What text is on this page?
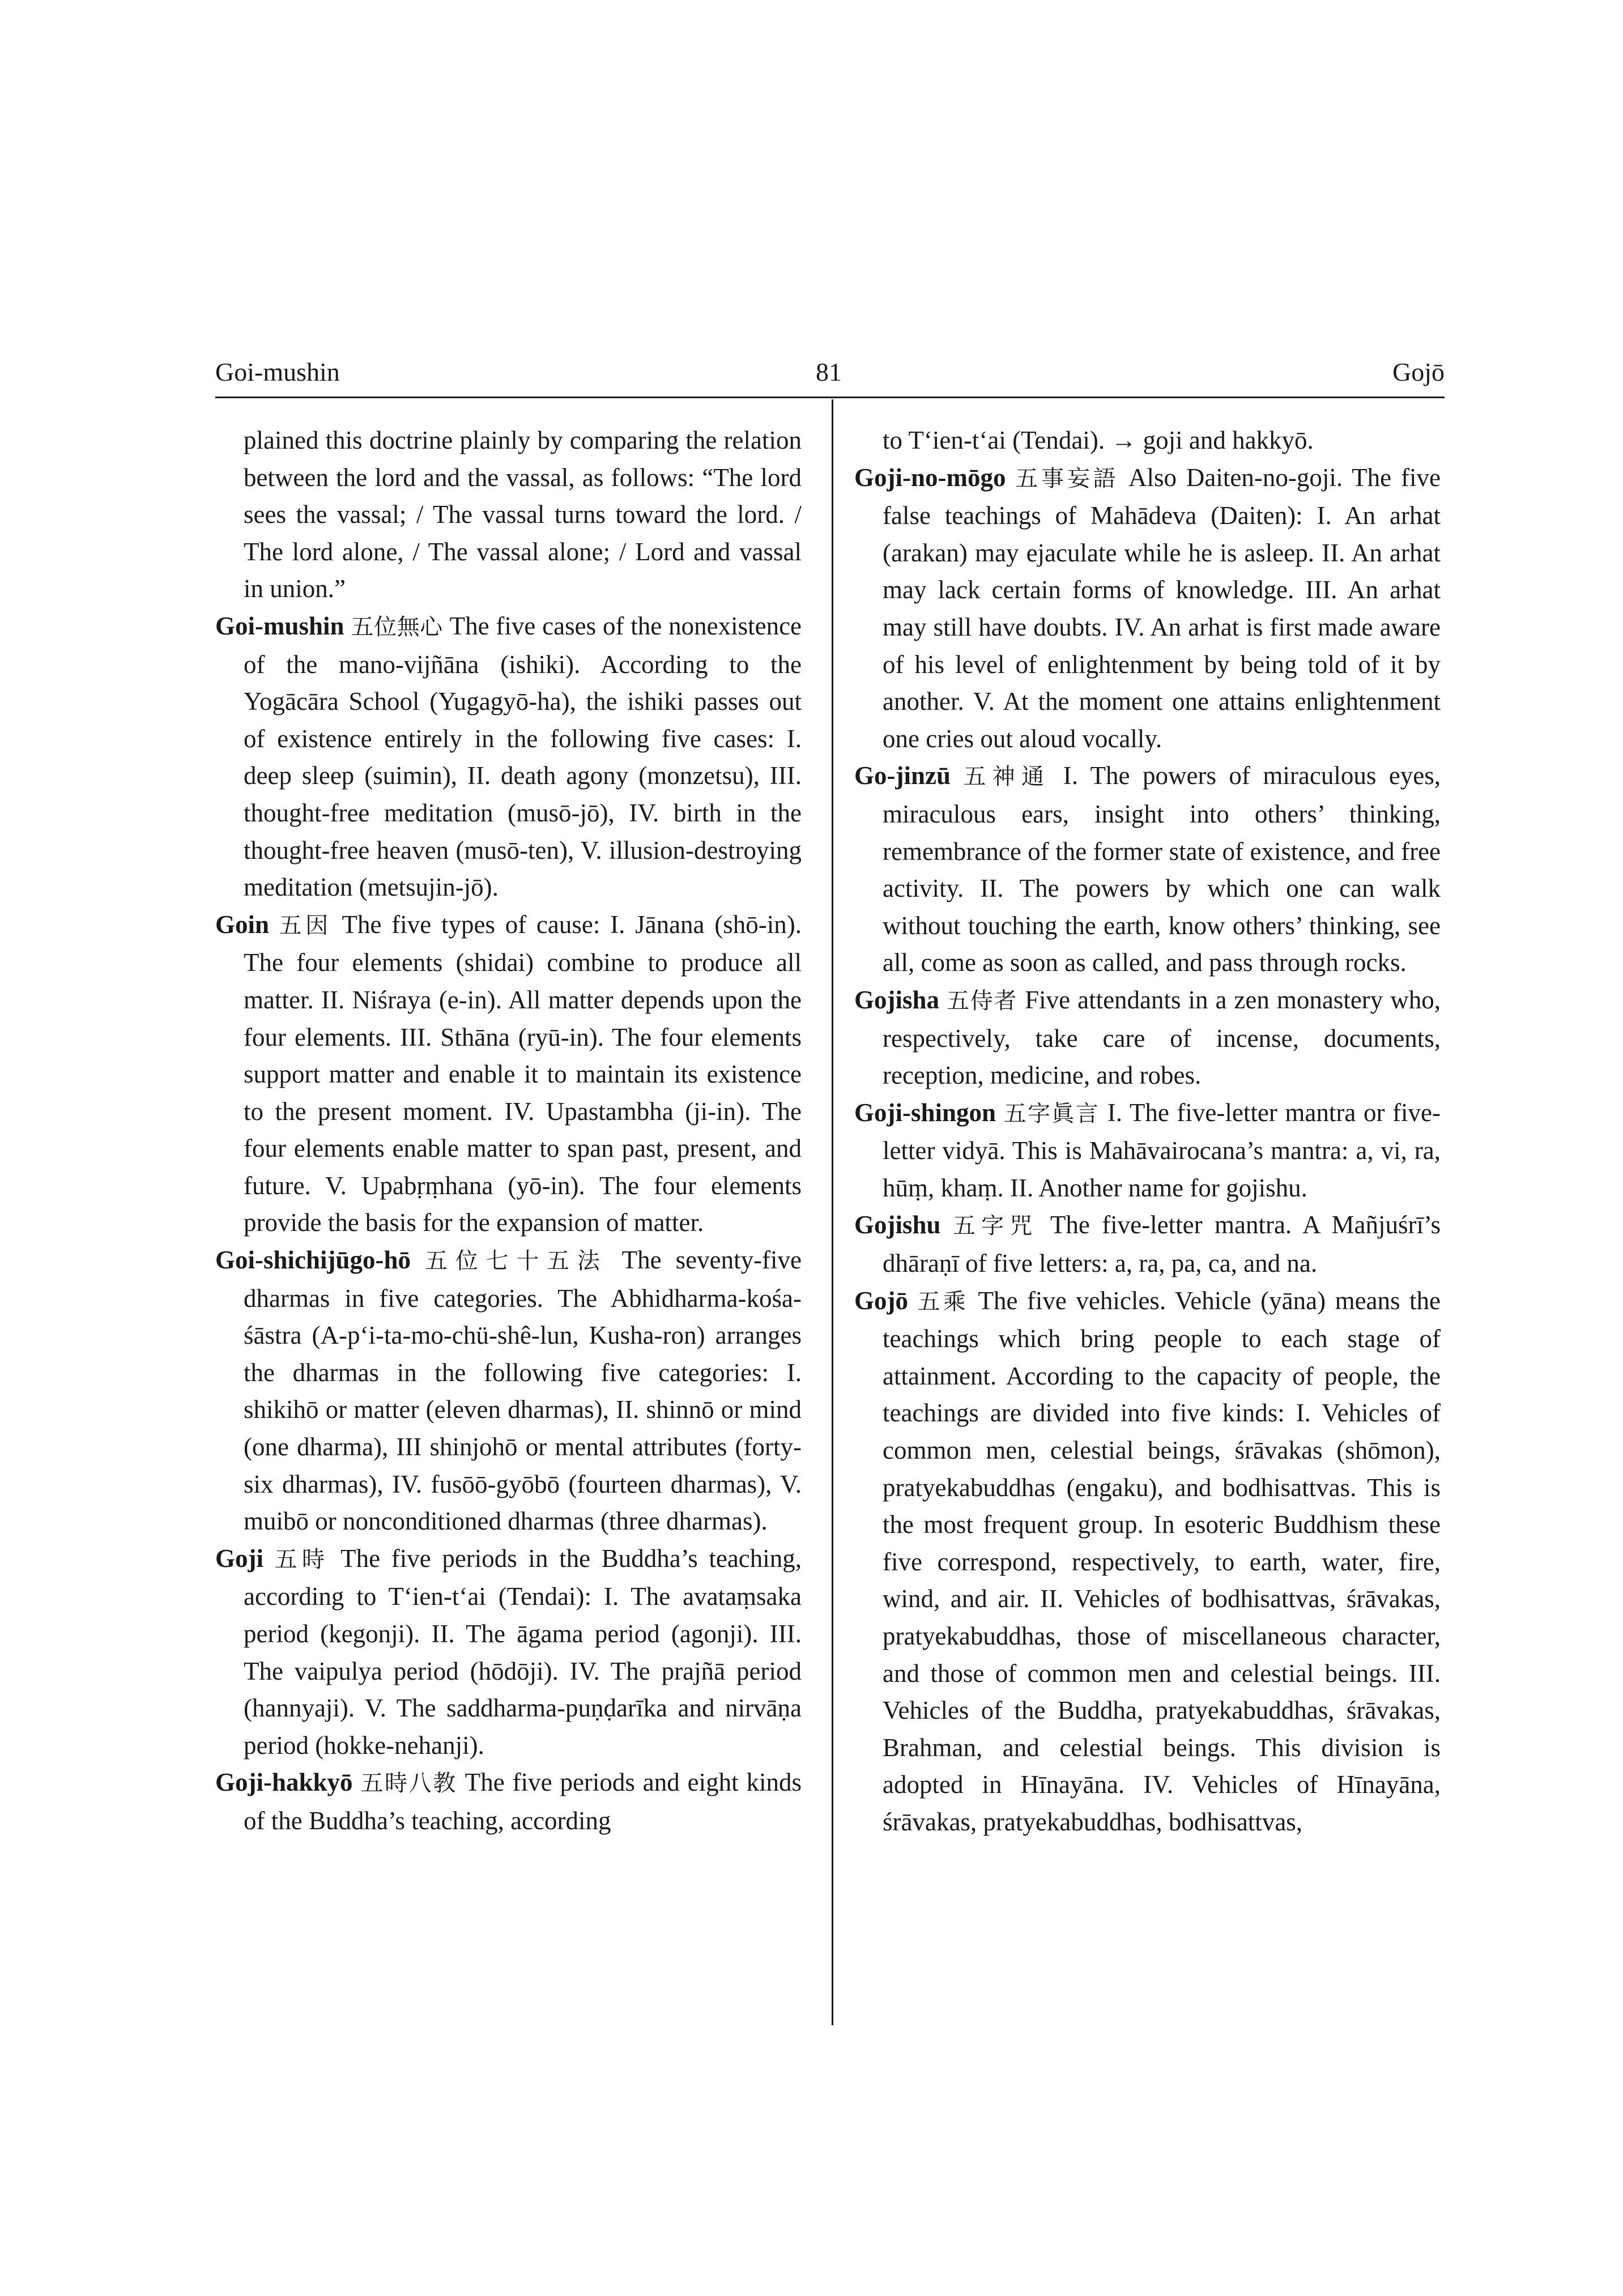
Goi-mushin	81	Gojō

plained this doctrine plainly by comparing the relation between the lord and the vassal, as follows: “The lord sees the vassal; / The vassal turns toward the lord. / The lord alone, / The vassal alone; / Lord and vassal in union.”

Goi-mushin 五位無心 The five cases of the nonexistence of the mano-vijñāna (ishiki). According to the Yogācāra School (Yugagyō-ha), the ishiki passes out of existence entirely in the following five cases: I. deep sleep (suimin), II. death agony (monzetsu), III. thought-free meditation (musō-jō), IV. birth in the thought-free heaven (musō-ten), V. illusion-destroying meditation (metsujin-jō).

Goin 五因 The five types of cause: I. Jānana (shō-in). The four elements (shidai) combine to produce all matter. II. Niśraya (e-in). All matter depends upon the four elements. III. Sthāna (ryū-in). The four elements support matter and enable it to maintain its existence to the present moment. IV. Upastambha (ji-in). The four elements enable matter to span past, present, and future. V. Upabṛṃhana (yō-in). The four elements provide the basis for the expansion of matter.

Goi-shichijūgo-hō 五位七十五法 The seventy-five dharmas in five categories. The Abhidharma-kośa-śāstra (A-p‘i-ta-mo-chü-shê-lun, Kusha-ron) arranges the dharmas in the following five categories: I. shikihō or matter (eleven dharmas), II. shinnō or mind (one dharma), III shinjohō or mental attributes (forty-six dharmas), IV. fusōō-gyōbō (fourteen dharmas), V. muibō or nonconditioned dharmas (three dharmas).

Goji 五時 The five periods in the Buddha’s teaching, according to T‘ien-t‘ai (Tendai): I. The avataṃsaka period (kegonji). II. The āgama period (agonji). III. The vaipulya period (hōdōji). IV. The prajñā period (hannyaji). V. The saddharma-puṇḍarīka and nirvāṇa period (hokke-nehanji).

Goji-hakkyō 五時八教 The five periods and eight kinds of the Buddha’s teaching, according

to T‘ien-t‘ai (Tendai). → goji and hakkyō.

Goji-no-mōgo 五事妄語 Also Daiten-no-goji. The five false teachings of Mahādeva (Daiten): I. An arhat (arakan) may ejaculate while he is asleep. II. An arhat may lack certain forms of knowledge. III. An arhat may still have doubts. IV. An arhat is first made aware of his level of enlightenment by being told of it by another. V. At the moment one attains enlightenment one cries out aloud vocally.

Go-jinzū 五神通 I. The powers of miraculous eyes, miraculous ears, insight into others’ thinking, remembrance of the former state of existence, and free activity. II. The powers by which one can walk without touching the earth, know others’ thinking, see all, come as soon as called, and pass through rocks.

Gojisha 五侍者 Five attendants in a zen monastery who, respectively, take care of incense, documents, reception, medicine, and robes.

Goji-shingon 五字眞言 I. The five-letter mantra or five-letter vidyā. This is Mahāvairocana’s mantra: a, vi, ra, hūṃ, khaṃ. II. Another name for gojishu.

Gojishu 五字咒 The five-letter mantra. A Mañjuśrī’s dhāraṇī of five letters: a, ra, pa, ca, and na.

Gojō 五乘 The five vehicles. Vehicle (yāna) means the teachings which bring people to each stage of attainment. According to the capacity of people, the teachings are divided into five kinds: I. Vehicles of common men, celestial beings, śrāvakas (shōmon), pratyekabuddhas (engaku), and bodhisattvas. This is the most frequent group. In esoteric Buddhism these five correspond, respectively, to earth, water, fire, wind, and air. II. Vehicles of bodhisattvas, śrāvakas, pratyekabuddhas, those of miscellaneous character, and those of common men and celestial beings. III. Vehicles of the Buddha, pratyekabuddhas, śrāvakas, Brahman, and celestial beings. This division is adopted in Hīnayāna. IV. Vehicles of Hīnayāna, śrāvakas, pratyekabuddhas, bodhisattvas,
